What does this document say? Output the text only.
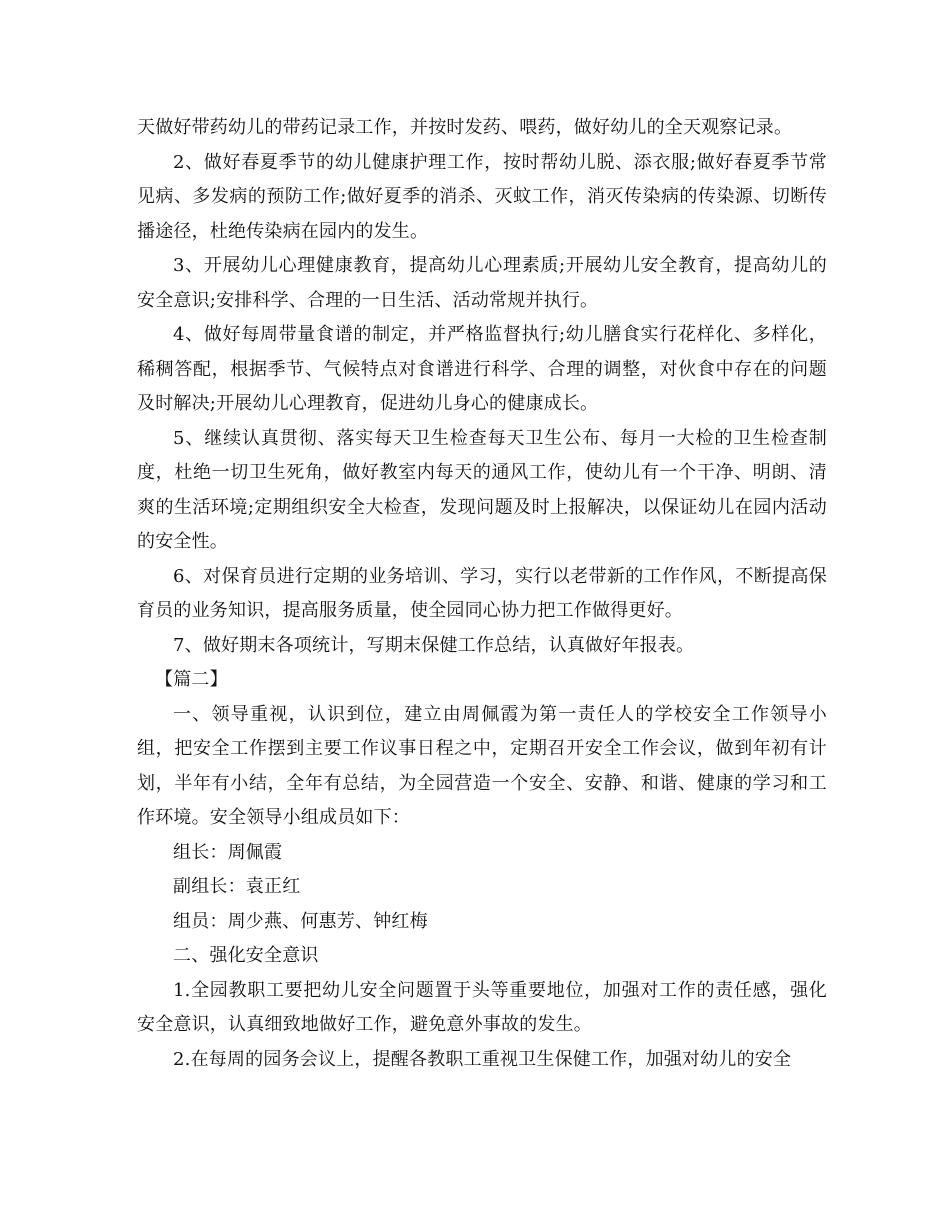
天做好带药幼儿的带药记录工作，并按时发药、喂药，做好幼儿的全天观察记录。

2、做好春夏季节的幼儿健康护理工作，按时帮幼儿脱、添衣服;做好春夏季节常见病、多发病的预防工作;做好夏季的消杀、灭蚊工作，消灭传染病的传染源、切断传播途径，杜绝传染病在园内的发生。

3、开展幼儿心理健康教育，提高幼儿心理素质;开展幼儿安全教育，提高幼儿的安全意识;安排科学、合理的一日生活、活动常规并执行。

4、做好每周带量食谱的制定，并严格监督执行;幼儿膳食实行花样化、多样化，稀稠答配，根据季节、气候特点对食谱进行科学、合理的调整，对伙食中存在的问题及时解决;开展幼儿心理教育，促进幼儿身心的健康成长。

5、继续认真贯彻、落实每天卫生检查每天卫生公布、每月一大检的卫生检查制度，杜绝一切卫生死角，做好教室内每天的通风工作，使幼儿有一个干净、明朗、清爽的生活环境;定期组织安全大检查，发现问题及时上报解决，以保证幼儿在园内活动的安全性。

6、对保育员进行定期的业务培训、学习，实行以老带新的工作作风，不断提高保育员的业务知识，提高服务质量，使全园同心协力把工作做得更好。

7、做好期末各项统计，写期末保健工作总结，认真做好年报表。

【篇二】

一、领导重视，认识到位，建立由周佩霞为第一责任人的学校安全工作领导小组，把安全工作摆到主要工作议事日程之中，定期召开安全工作会议，做到年初有计划，半年有小结，全年有总结，为全园营造一个安全、安静、和谐、健康的学习和工作环境。安全领导小组成员如下：

组长：周佩霞

副组长：袁正红

组员：周少燕、何惠芳、钟红梅

二、强化安全意识

1.全园教职工要把幼儿安全问题置于头等重要地位，加强对工作的责任感，强化安全意识，认真细致地做好工作，避免意外事故的发生。

2.在每周的园务会议上，提醒各教职工重视卫生保健工作，加强对幼儿的安全
